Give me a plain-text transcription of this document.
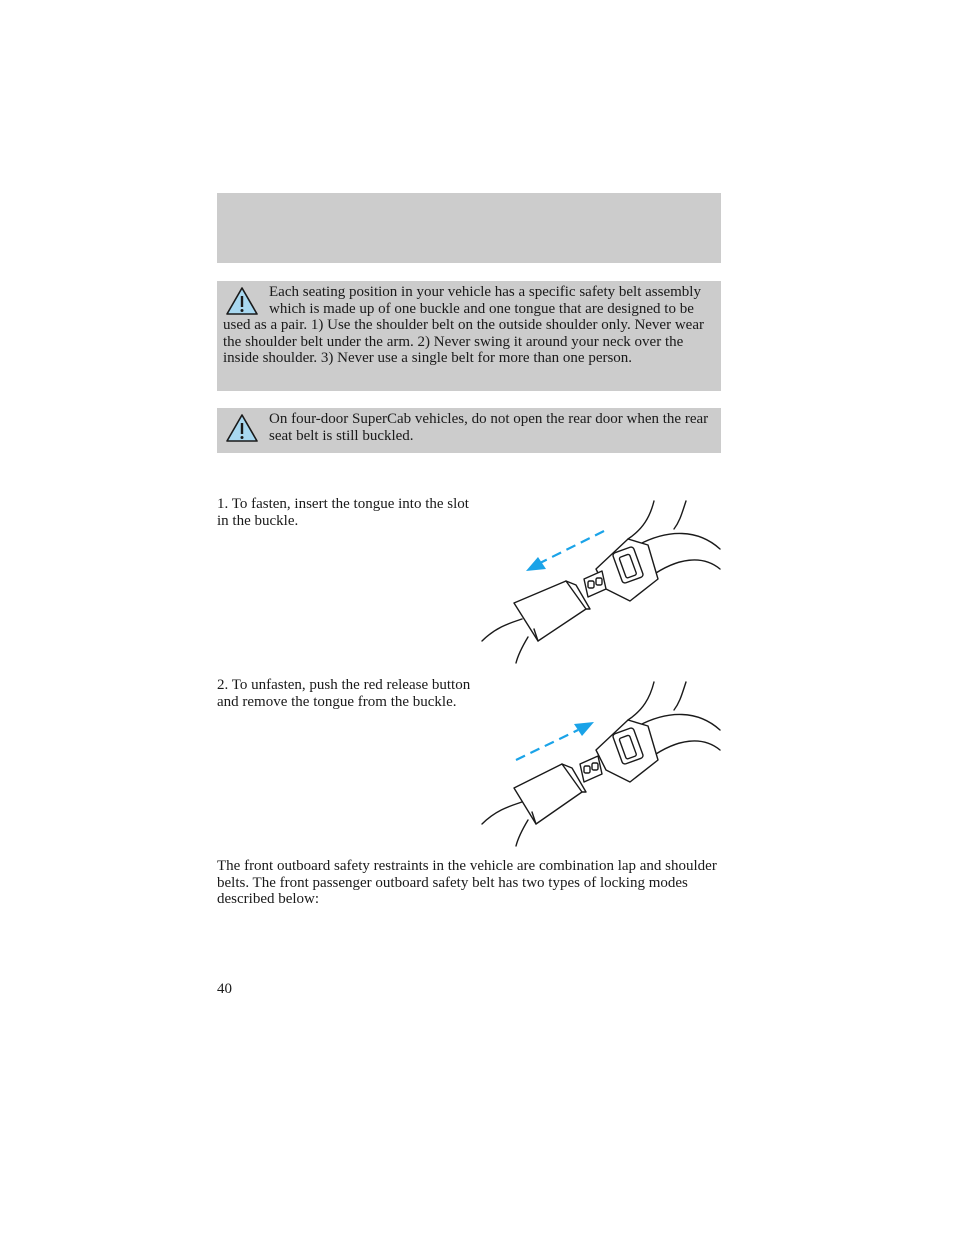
Each seating position in your vehicle has a specific safety belt assembly which is made up of one buckle and one tongue that are designed to be used as a pair. 1) Use the shoulder belt on the outside shoulder only. Never wear the shoulder belt under the arm. 2) Never swing it around your neck over the inside shoulder. 3) Never use a single belt for more than one person.
On four-door SuperCab vehicles, do not open the rear door when the rear seat belt is still buckled.
1. To fasten, insert the tongue into the slot in the buckle.
2. To unfasten, push the red release button and remove the tongue from the buckle.
The front outboard safety restraints in the vehicle are combination lap and shoulder belts. The front passenger outboard safety belt has two types of locking modes described below:
40
